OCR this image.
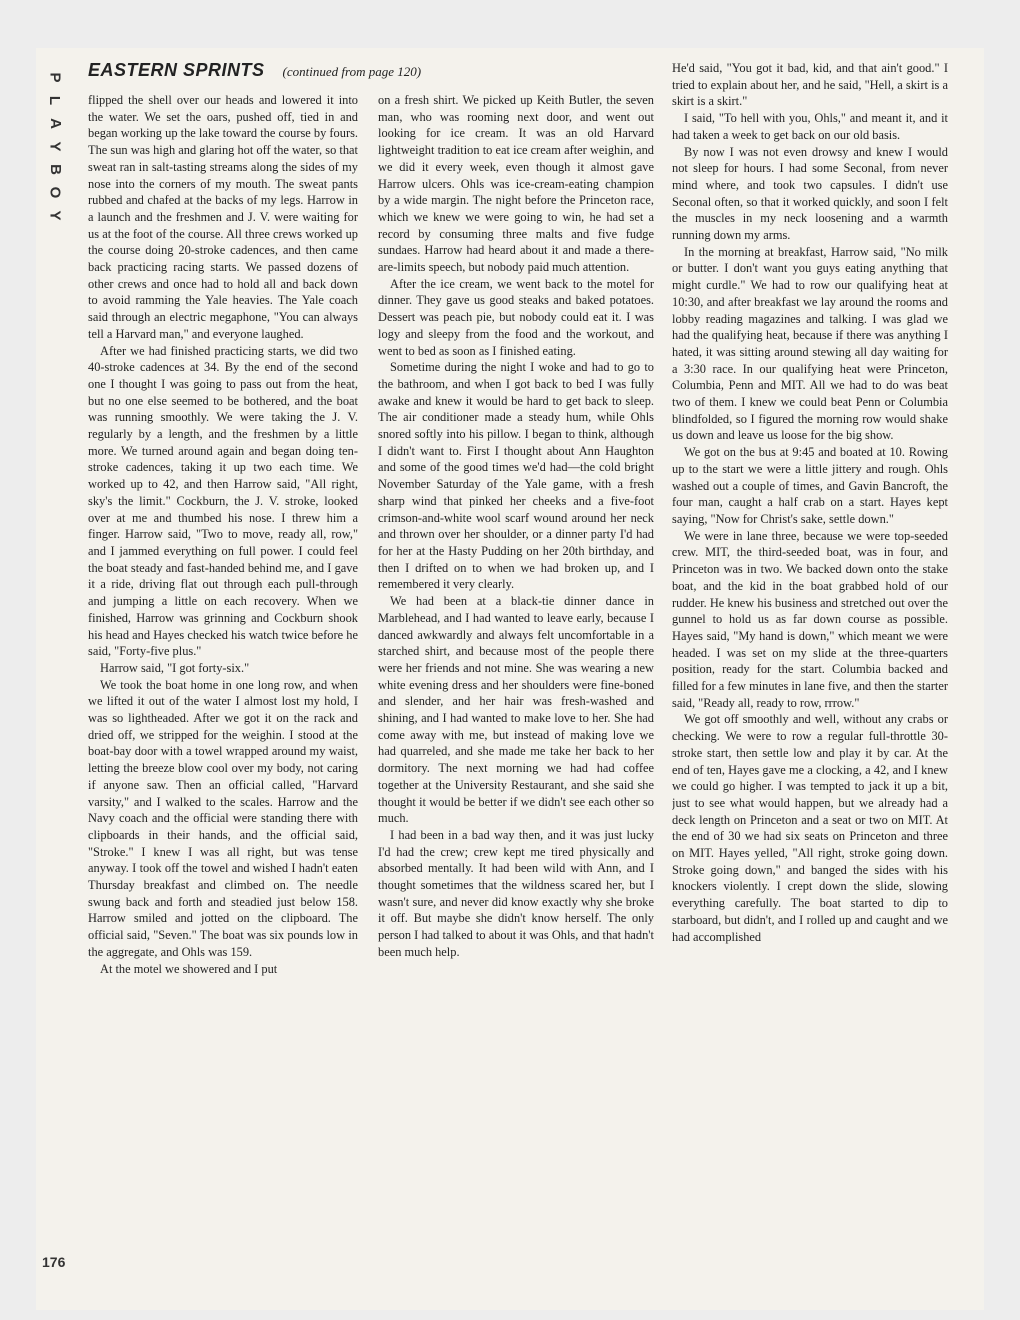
P
L
A
Y
B
O
Y
EASTERN SPRINTS (continued from page 120)

flipped the shell over our heads and lowered it into the water. We set the oars, pushed off, tied in and began working up the lake toward the course by fours. The sun was high and glaring hot off the water, so that sweat ran in salt-tasting streams along the sides of my nose into the corners of my mouth. The sweat pants rubbed and chafed at the backs of my legs. Harrow in a launch and the freshmen and J. V. were waiting for us at the foot of the course. All three crews worked up the course doing 20-stroke cadences, and then came back practicing racing starts. We passed dozens of other crews and once had to hold all and back down to avoid ramming the Yale heavies. The Yale coach said through an electric megaphone, "You can always tell a Harvard man," and everyone laughed.

After we had finished practicing starts, we did two 40-stroke cadences at 34. By the end of the second one I thought I was going to pass out from the heat, but no one else seemed to be bothered, and the boat was running smoothly. We were taking the J. V. regularly by a length, and the freshmen by a little more. We turned around again and began doing ten-stroke cadences, taking it up two each time. We worked up to 42, and then Harrow said, "All right, sky's the limit." Cockburn, the J. V. stroke, looked over at me and thumbed his nose. I threw him a finger. Harrow said, "Two to move, ready all, row," and I jammed everything on full power. I could feel the boat steady and fast-handed behind me, and I gave it a ride, driving flat out through each pull-through and jumping a little on each recovery. When we finished, Harrow was grinning and Cockburn shook his head and Hayes checked his watch twice before he said, "Forty-five plus."

Harrow said, "I got forty-six."

We took the boat home in one long row, and when we lifted it out of the water I almost lost my hold, I was so lightheaded. After we got it on the rack and dried off, we stripped for the weighin. I stood at the boat-bay door with a towel wrapped around my waist, letting the breeze blow cool over my body, not caring if anyone saw. Then an official called, "Harvard varsity," and I walked to the scales. Harrow and the Navy coach and the official were standing there with clipboards in their hands, and the official said, "Stroke." I knew I was all right, but was tense anyway. I took off the towel and wished I hadn't eaten Thursday breakfast and climbed on. The needle swung back and forth and steadied just below 158. Harrow smiled and jotted on the clipboard. The official said, "Seven." The boat was six pounds low in the aggregate, and Ohls was 159.

At the motel we showered and I put

on a fresh shirt. We picked up Keith Butler, the seven man, who was rooming next door, and went out looking for ice cream. It was an old Harvard lightweight tradition to eat ice cream after weighin, and we did it every week, even though it almost gave Harrow ulcers. Ohls was ice-cream-eating champion by a wide margin. The night before the Princeton race, which we knew we were going to win, he had set a record by consuming three malts and five fudge sundaes. Harrow had heard about it and made a there-are-limits speech, but nobody paid much attention.

After the ice cream, we went back to the motel for dinner. They gave us good steaks and baked potatoes. Dessert was peach pie, but nobody could eat it. I was logy and sleepy from the food and the workout, and went to bed as soon as I finished eating.

Sometime during the night I woke and had to go to the bathroom, and when I got back to bed I was fully awake and knew it would be hard to get back to sleep. The air conditioner made a steady hum, while Ohls snored softly into his pillow. I began to think, although I didn't want to. First I thought about Ann Haughton and some of the good times we'd had—the cold bright November Saturday of the Yale game, with a fresh sharp wind that pinked her cheeks and a five-foot crimson-and-white wool scarf wound around her neck and thrown over her shoulder, or a dinner party I'd had for her at the Hasty Pudding on her 20th birthday, and then I drifted on to when we had broken up, and I remembered it very clearly.

We had been at a black-tie dinner dance in Marblehead, and I had wanted to leave early, because I danced awkwardly and always felt uncomfortable in a starched shirt, and because most of the people there were her friends and not mine. She was wearing a new white evening dress and her shoulders were fine-boned and slender, and her hair was fresh-washed and shining, and I had wanted to make love to her. She had come away with me, but instead of making love we had quarreled, and she made me take her back to her dormitory. The next morning we had had coffee together at the University Restaurant, and she said she thought it would be better if we didn't see each other so much.

I had been in a bad way then, and it was just lucky I'd had the crew; crew kept me tired physically and absorbed mentally. It had been wild with Ann, and I thought sometimes that the wildness scared her, but I wasn't sure, and never did know exactly why she broke it off. But maybe she didn't know herself. The only person I had talked to about it was Ohls, and that hadn't been much help.

He'd said, "You got it bad, kid, and that ain't good." I tried to explain about her, and he said, "Hell, a skirt is a skirt is a skirt."

I said, "To hell with you, Ohls," and meant it, and it had taken a week to get back on our old basis.

By now I was not even drowsy and knew I would not sleep for hours. I had some Seconal, from never mind where, and took two capsules. I didn't use Seconal often, so that it worked quickly, and soon I felt the muscles in my neck loosening and a warmth running down my arms.

In the morning at breakfast, Harrow said, "No milk or butter. I don't want you guys eating anything that might curdle." We had to row our qualifying heat at 10:30, and after breakfast we lay around the rooms and lobby reading magazines and talking. I was glad we had the qualifying heat, because if there was anything I hated, it was sitting around stewing all day waiting for a 3:30 race. In our qualifying heat were Princeton, Columbia, Penn and MIT. All we had to do was beat two of them. I knew we could beat Penn or Columbia blindfolded, so I figured the morning row would shake us down and leave us loose for the big show.

We got on the bus at 9:45 and boated at 10. Rowing up to the start we were a little jittery and rough. Ohls washed out a couple of times, and Gavin Bancroft, the four man, caught a half crab on a start. Hayes kept saying, "Now for Christ's sake, settle down."

We were in lane three, because we were top-seeded crew. MIT, the third-seeded boat, was in four, and Princeton was in two. We backed down onto the stake boat, and the kid in the boat grabbed hold of our rudder. He knew his business and stretched out over the gunnel to hold us as far down course as possible. Hayes said, "My hand is down," which meant we were headed. I was set on my slide at the three-quarters position, ready for the start. Columbia backed and filled for a few minutes in lane five, and then the starter said, "Ready all, ready to row, rrrow."

We got off smoothly and well, without any crabs or checking. We were to row a regular full-throttle 30-stroke start, then settle low and play it by car. At the end of ten, Hayes gave me a clocking, a 42, and I knew we could go higher. I was tempted to jack it up a bit, just to see what would happen, but we already had a deck length on Princeton and a seat or two on MIT. At the end of 30 we had six seats on Princeton and three on MIT. Hayes yelled, "All right, stroke going down. Stroke going down," and banged the sides with his knockers violently. I crept down the slide, slowing everything carefully. The boat started to dip to starboard, but didn't, and I rolled up and caught and we had accomplished

176
